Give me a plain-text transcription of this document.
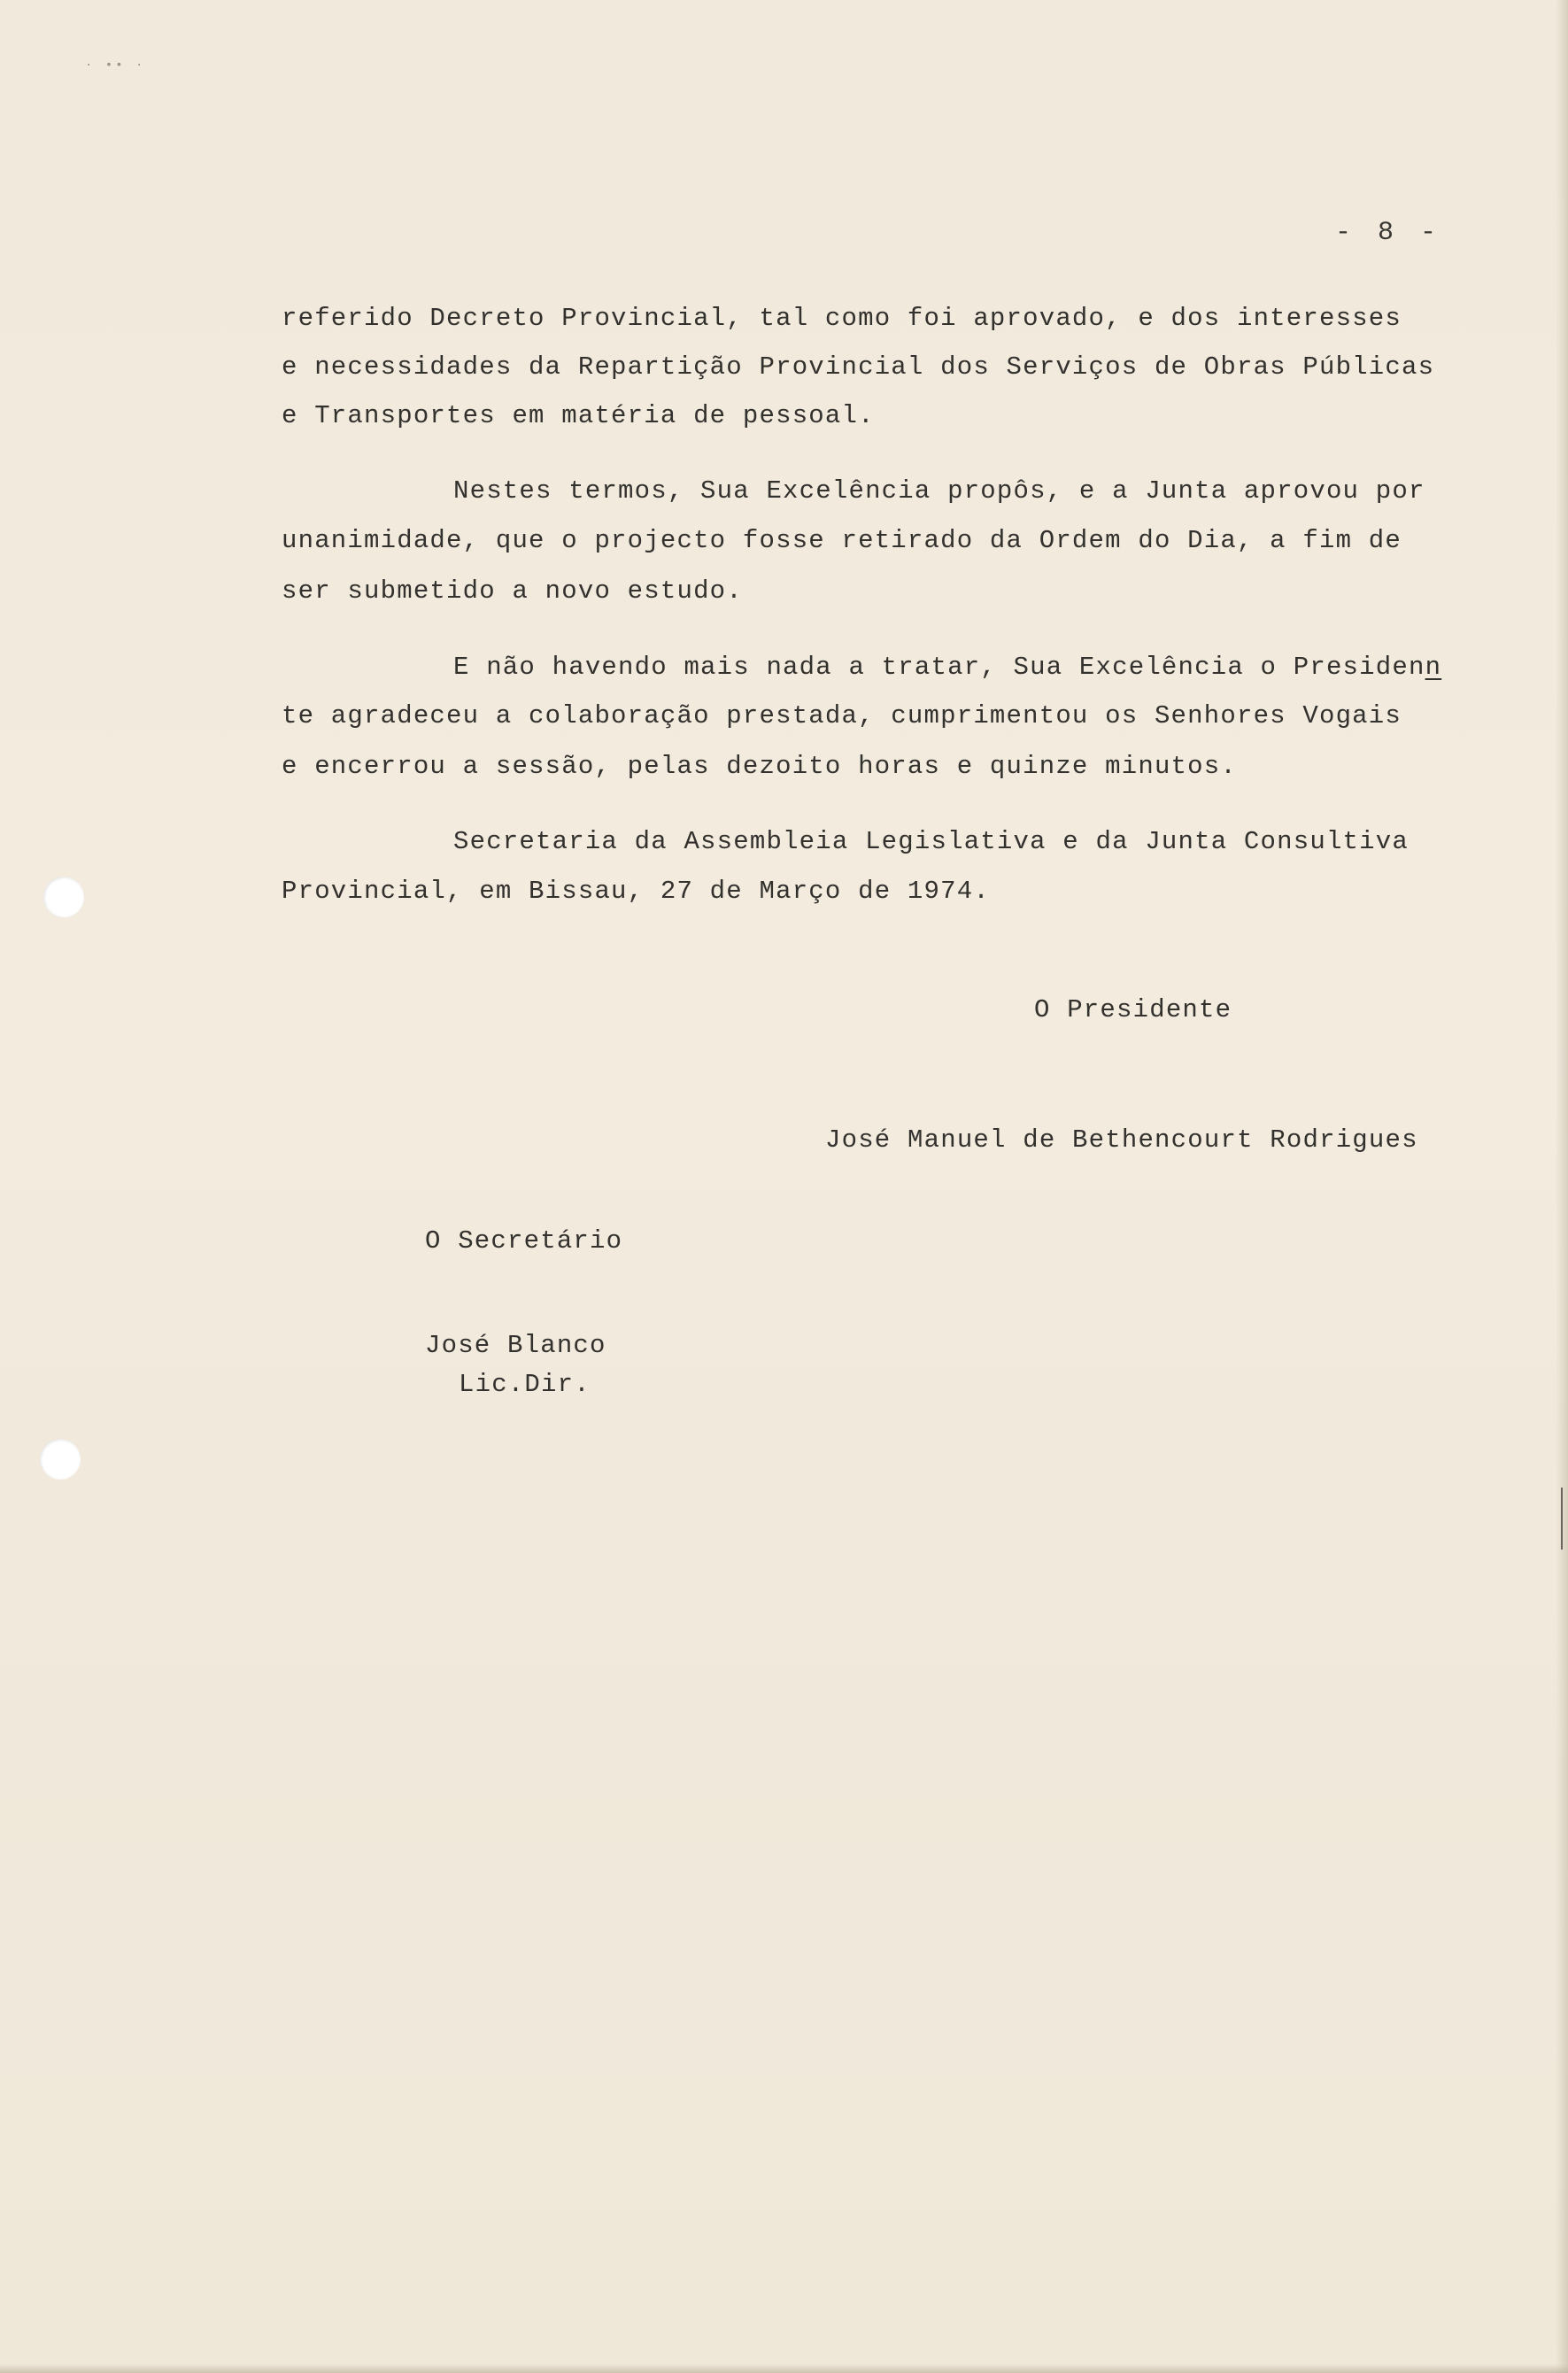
· •• ·
- 8 -
referido Decreto Provincial, tal como foi aprovado, e dos interesses
e necessidades da Repartição Provincial dos Serviços de Obras Públicas
e Transportes em matéria de pessoal.
Nestes termos, Sua Excelência propôs, e a Junta aprovou por
unanimidade, que o projecto fosse retirado da Ordem do Dia, a fim de
ser submetido a novo estudo.
E não havendo mais nada a tratar, Sua Excelência o Presidenn
te agradeceu a colaboração prestada, cumprimentou os Senhores Vogais
e encerrou a sessão, pelas dezoito horas e quinze minutos.
Secretaria da Assembleia Legislativa e da Junta Consultiva
Provincial, em Bissau, 27 de Março de 1974.
O Presidente
José Manuel de Bethencourt Rodrigues
O Secretário
José Blanco
Lic.Dir.
